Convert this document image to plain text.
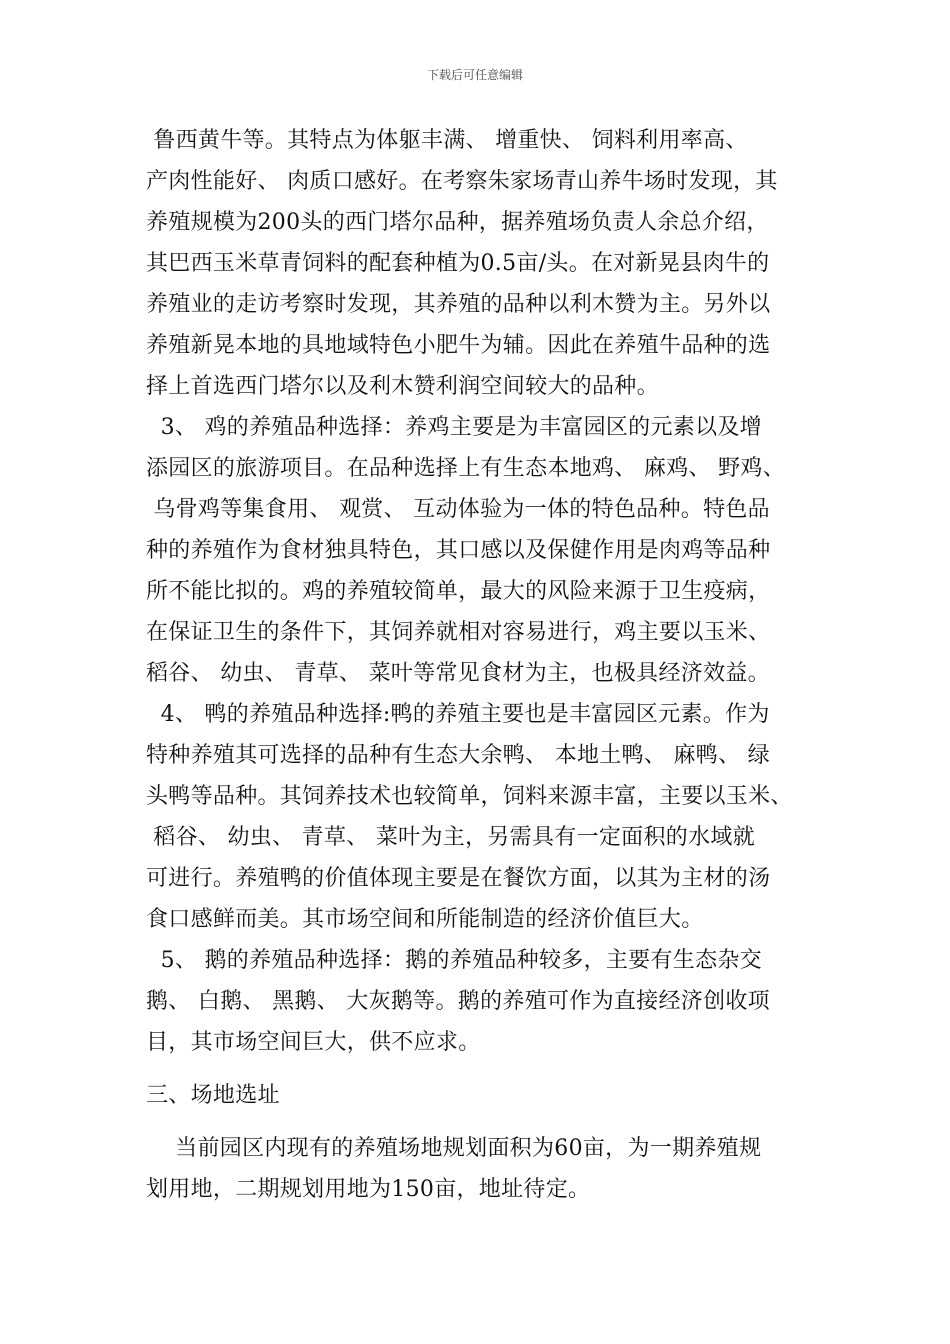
下载后可任意编辑
鲁西黄牛等。其特点为体躯丰满、 增重快、 饲料利用率高、
产肉性能好、 肉质口感好。在考察朱家场青山养牛场时发现，其
养殖规模为200头的西门塔尔品种，据养殖场负责人余总介绍，
其巴西玉米草青饲料的配套种植为0.5亩/头。在对新晃县肉牛的
养殖业的走访考察时发现，其养殖的品种以利木赞为主。另外以
养殖新晃本地的具地域特色小肥牛为辅。因此在养殖牛品种的选
择上首选西门塔尔以及利木赞利润空间较大的品种。
3、 鸡的养殖品种选择：养鸡主要是为丰富园区的元素以及增
添园区的旅游项目。在品种选择上有生态本地鸡、 麻鸡、 野鸡、
乌骨鸡等集食用、 观赏、 互动体验为一体的特色品种。特色品
种的养殖作为食材独具特色，其口感以及保健作用是肉鸡等品种
所不能比拟的。鸡的养殖较简单，最大的风险来源于卫生疫病，
在保证卫生的条件下，其饲养就相对容易进行，鸡主要以玉米、
稻谷、 幼虫、 青草、 菜叶等常见食材为主，也极具经济效益。
4、 鸭的养殖品种选择:鸭的养殖主要也是丰富园区元素。作为
特种养殖其可选择的品种有生态大余鸭、 本地土鸭、 麻鸭、 绿
头鸭等品种。其饲养技术也较简单，饲料来源丰富，主要以玉米、
稻谷、 幼虫、 青草、 菜叶为主，另需具有一定面积的水域就
可进行。养殖鸭的价值体现主要是在餐饮方面，以其为主材的汤
食口感鲜而美。其市场空间和所能制造的经济价值巨大。
5、 鹅的养殖品种选择：鹅的养殖品种较多，主要有生态杂交
鹅、 白鹅、 黑鹅、 大灰鹅等。鹅的养殖可作为直接经济创收项
目，其市场空间巨大，供不应求。
三、场地选址
当前园区内现有的养殖场地规划面积为60亩，为一期养殖规
划用地，二期规划用地为150亩，地址待定。
